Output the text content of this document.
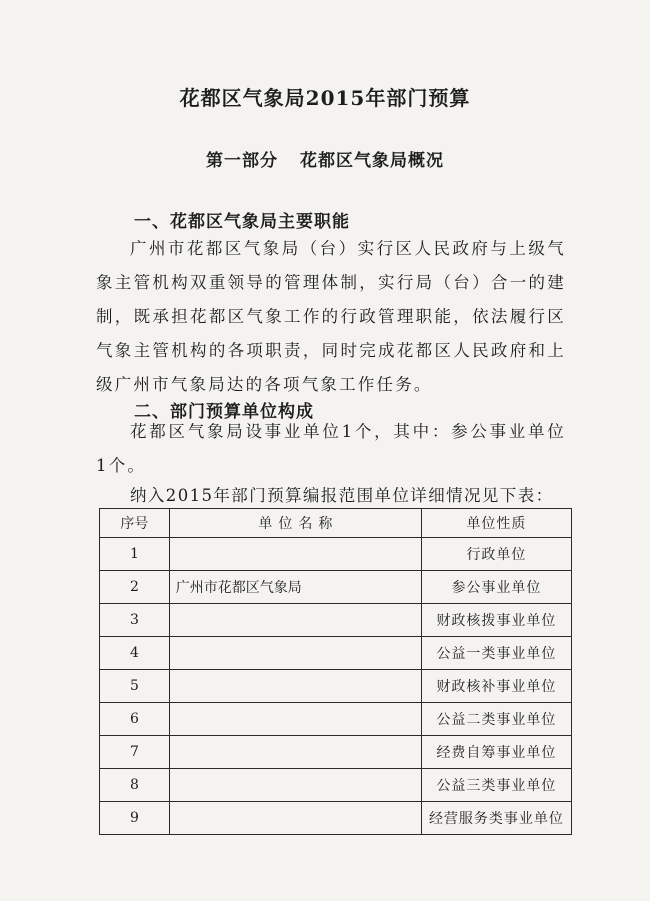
花都区气象局2015年部门预算
第一部分 花都区气象局概况
一、花都区气象局主要职能

广州市花都区气象局（台）实行区人民政府与上级气象主管机构双重领导的管理体制，实行局（台）合一的建制，既承担花都区气象工作的行政管理职能，依法履行区气象主管机构的各项职责，同时完成花都区人民政府和上级广州市气象局达的各项气象工作任务。

二、部门预算单位构成

花都区气象局设事业单位1个，其中：参公事业单位1个。

纳入2015年部门预算编报范围单位详细情况见下表：
序号	单位名称	单位性质
1		行政单位
2	广州市花都区气象局	参公事业单位
3		财政核拨事业单位
4		公益一类事业单位
5		财政核补事业单位
6		公益二类事业单位
7		经费自筹事业单位
8		公益三类事业单位
9		经营服务类事业单位
